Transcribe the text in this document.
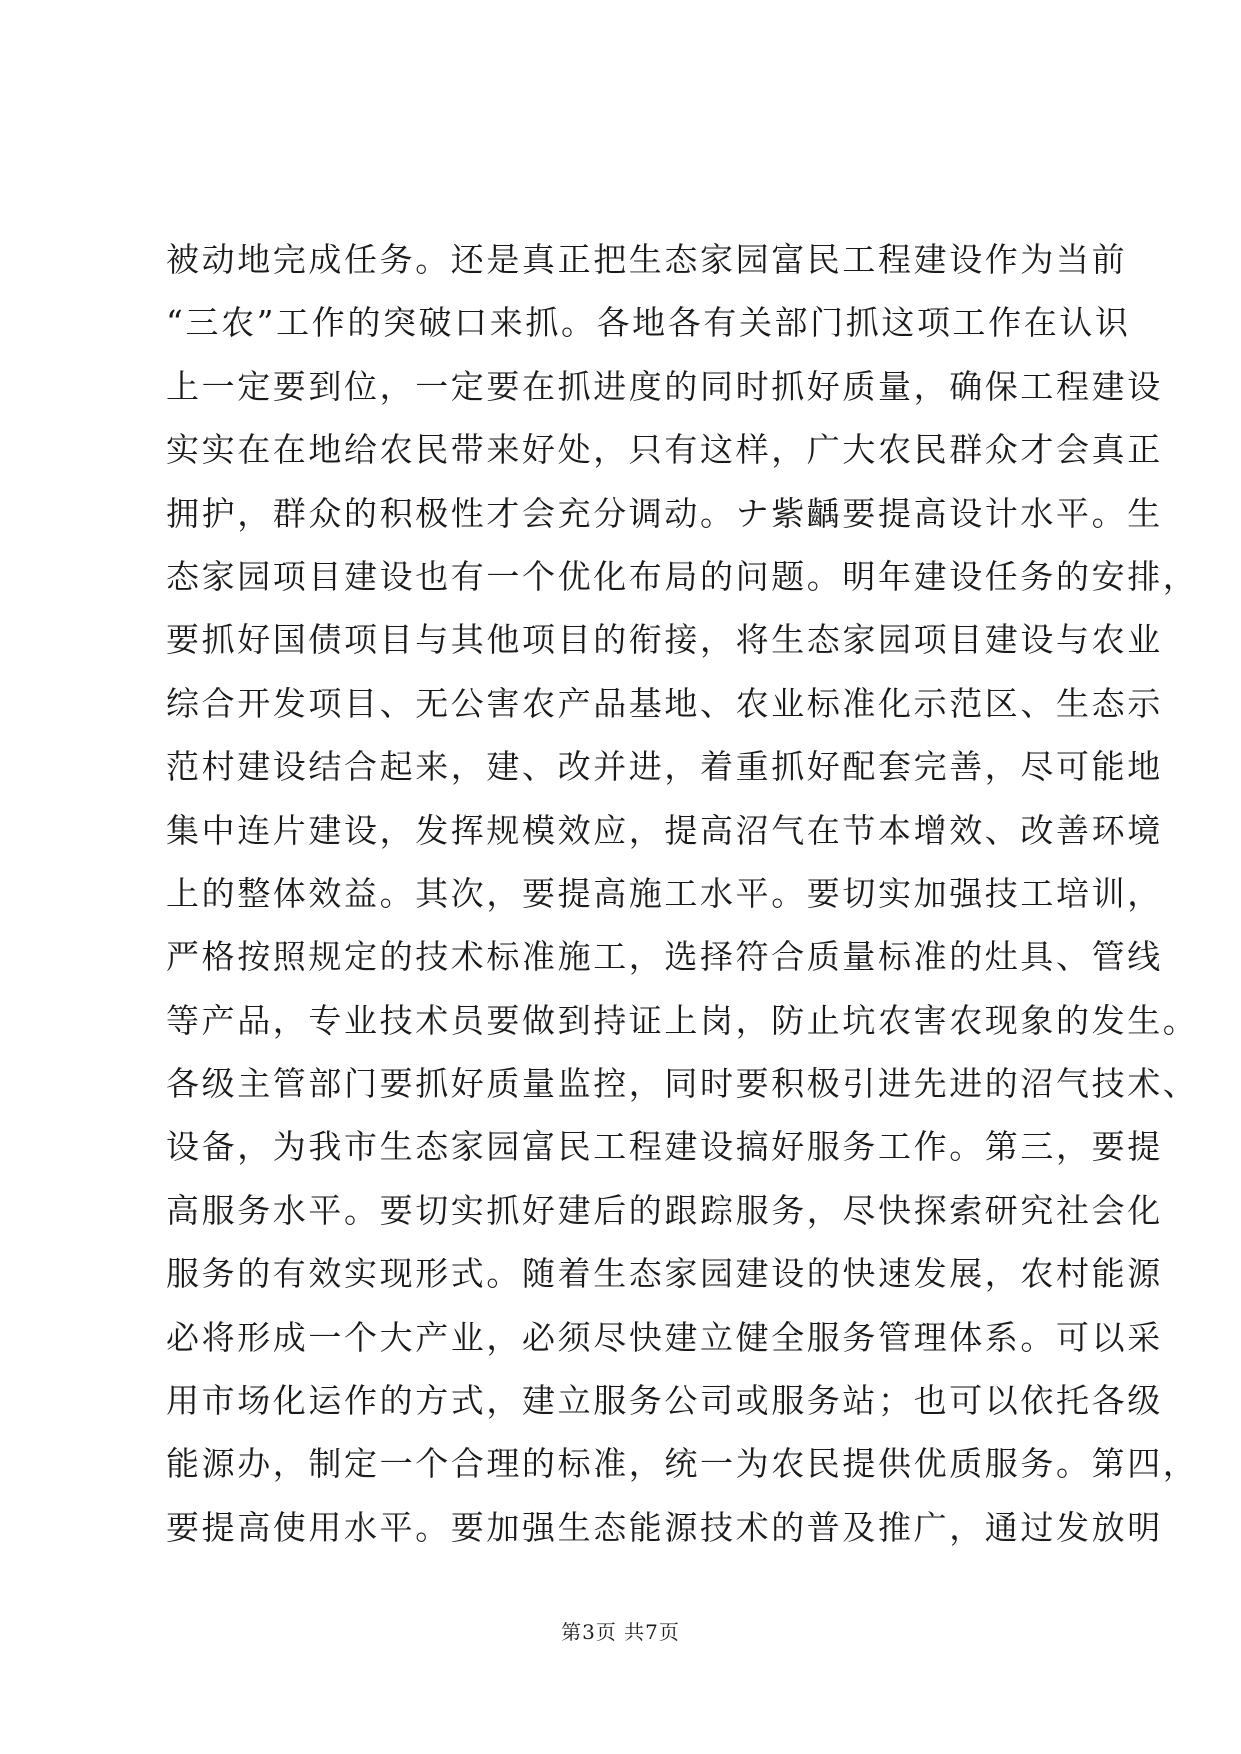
被动地完成任务。还是真正把生态家园富民工程建设作为当前
“三农”工作的突破口来抓。各地各有关部门抓这项工作在认识
上一定要到位，一定要在抓进度的同时抓好质量，确保工程建设
实实在在地给农民带来好处，只有这样，广大农民群众才会真正
拥护，群众的积极性才会充分调动。ナ紫齲要提高设计水平。生
态家园项目建设也有一个优化布局的问题。明年建设任务的安排，
要抓好国债项目与其他项目的衔接，将生态家园项目建设与农业
综合开发项目、无公害农产品基地、农业标准化示范区、生态示
范村建设结合起来，建、改并进，着重抓好配套完善，尽可能地
集中连片建设，发挥规模效应，提高沼气在节本增效、改善环境
上的整体效益。其次，要提高施工水平。要切实加强技工培训，
严格按照规定的技术标准施工，选择符合质量标准的灶具、管线
等产品，专业技术员要做到持证上岗，防止坑农害农现象的发生。
各级主管部门要抓好质量监控，同时要积极引进先进的沼气技术、
设备，为我市生态家园富民工程建设搞好服务工作。第三，要提
高服务水平。要切实抓好建后的跟踪服务，尽快探索研究社会化
服务的有效实现形式。随着生态家园建设的快速发展，农村能源
必将形成一个大产业，必须尽快建立健全服务管理体系。可以采
用市场化运作的方式，建立服务公司或服务站；也可以依托各级
能源办，制定一个合理的标准，统一为农民提供优质服务。第四，
要提高使用水平。要加强生态能源技术的普及推广，通过发放明
第3页 共7页
